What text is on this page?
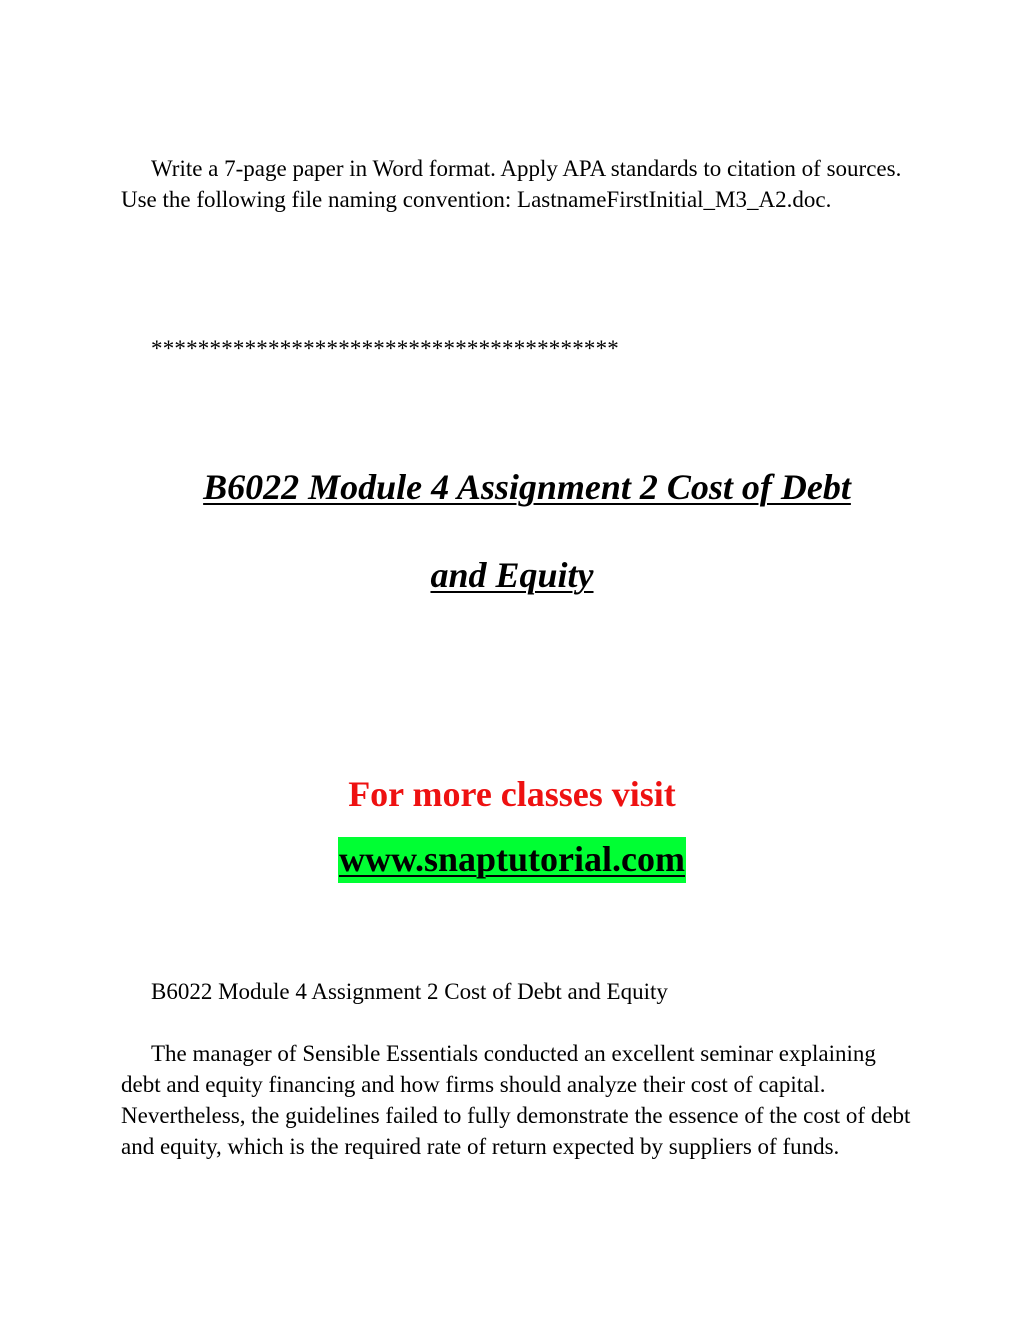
Write a 7-page paper in Word format. Apply APA standards to citation of sources. Use the following file naming convention: LastnameFirstInitial_M3_A2.doc.

****************************************

B6022 Module 4 Assignment 2 Cost of Debt

and Equity

For more classes visit

www.snaptutorial.com

B6022 Module 4 Assignment 2 Cost of Debt and Equity

The manager of Sensible Essentials conducted an excellent seminar explaining debt and equity financing and how firms should analyze their cost of capital. Nevertheless, the guidelines failed to fully demonstrate the essence of the cost of debt and equity, which is the required rate of return expected by suppliers of funds.
